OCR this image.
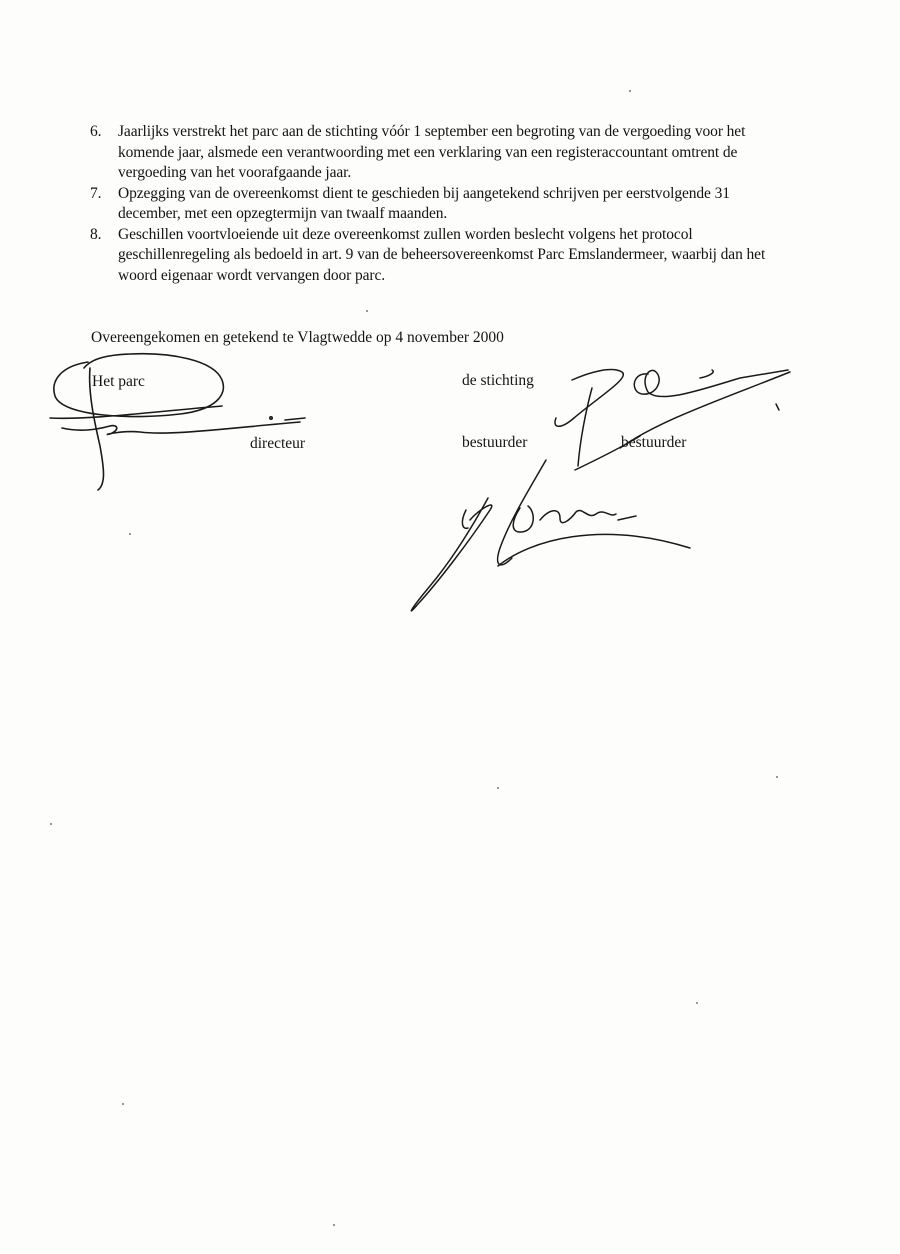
6. Jaarlijks verstrekt het parc aan de stichting vóór 1 september een begroting van de vergoeding voor het komende jaar, alsmede een verantwoording met een verklaring van een registeraccountant omtrent de vergoeding van het voorafgaande jaar.
7. Opzegging van de overeenkomst dient te geschieden bij aangetekend schrijven per eerstvolgende 31 december, met een opzegtermijn van twaalf maanden.
8. Geschillen voortvloeiende uit deze overeenkomst zullen worden beslecht volgens het protocol geschillenregeling als bedoeld in art. 9 van de beheersovereenkomst Parc Emslandermeer, waarbij dan het woord eigenaar wordt vervangen door parc.
Overeengekomen en getekend te Vlagtwedde op 4 november 2000
Het parc
directeur
de stichting
bestuurder	bestuurder
